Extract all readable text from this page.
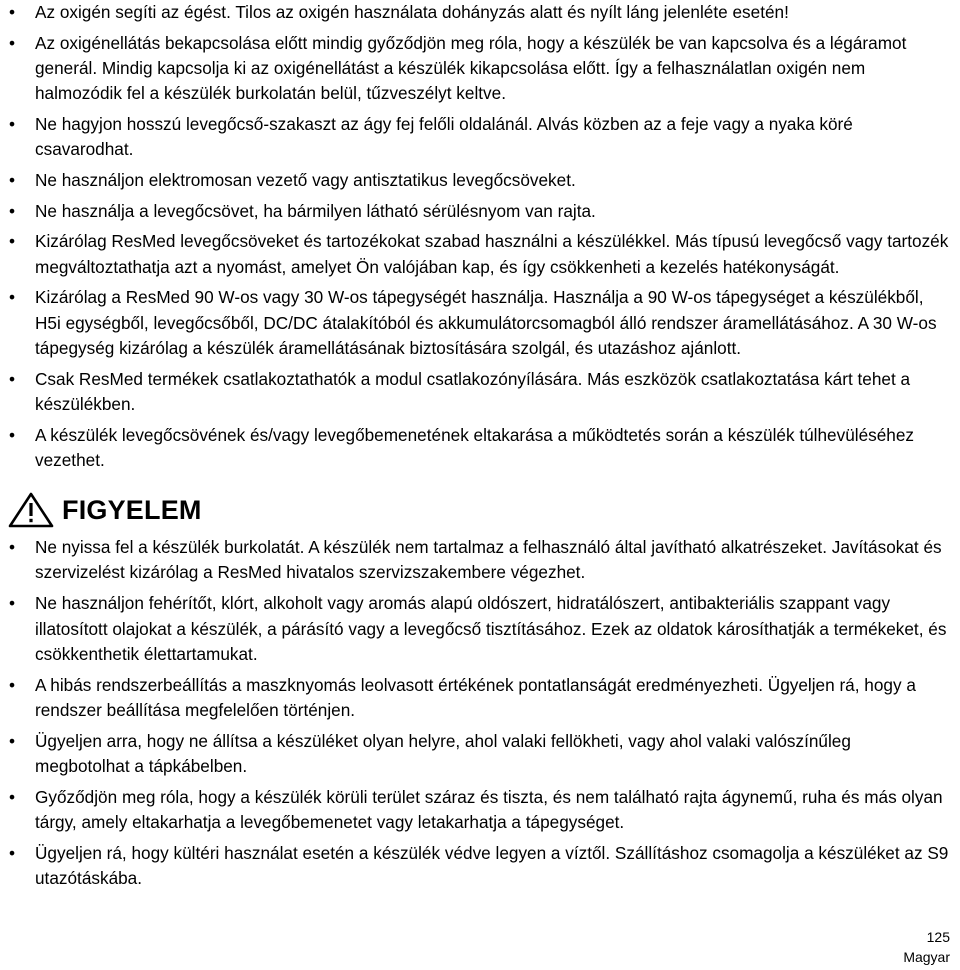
•	Az oxigén segíti az égést. Tilos az oxigén használata dohányzás alatt és nyílt láng jelenléte esetén!
•	Az oxigénellátás bekapcsolása előtt mindig győződjön meg róla, hogy a készülék be van kapcsolva és a légáramot generál. Mindig kapcsolja ki az oxigénellátást a készülék kikapcsolása előtt. Így a felhasználatlan oxigén nem halmozódik fel a készülék burkolatán belül, tűzveszélyt keltve.
•	Ne hagyjon hosszú levegőcső-szakaszt az ágy fej felőli oldalánál. Alvás közben az a feje vagy a nyaka köré csavarodhat.
•	Ne használjon elektromosan vezető vagy antisztatikus levegőcsöveket.
•	Ne használja a levegőcsövet, ha bármilyen látható sérülésnyom van rajta.
•	Kizárólag ResMed levegőcsöveket és tartozékokat szabad használni a készülékkel. Más típusú levegőcső vagy tartozék megváltoztathatja azt a nyomást, amelyet Ön valójában kap, és így csökkenheti a kezelés hatékonyságát.
•	Kizárólag a ResMed 90 W-os vagy 30 W-os tápegységét használja. Használja a 90 W-os tápegységet a készülékből, H5i egységből, levegőcsőből, DC/DC átalakítóból és akkumulátorcsomagból álló rendszer áramellátásához. A 30 W-os tápegység kizárólag a készülék áramellátásának biztosítására szolgál, és utazáshoz ajánlott.
•	Csak ResMed termékek csatlakoztathatók a modul csatlakozónyílására. Más eszközök csatlakoztatása kárt tehet a készülékben.
•	A készülék levegőcsövének és/vagy levegőbemenetének eltakarása a működtetés során a készülék túlhevüléséhez vezethet.
FIGYELEM
•	Ne nyissa fel a készülék burkolatát. A készülék nem tartalmaz a felhasználó által javítható alkatrészeket. Javításokat és szervizelést kizárólag a ResMed hivatalos szervizszakembere végezhet.
•	Ne használjon fehérítőt, klórt, alkoholt vagy aromás alapú oldószert, hidratálószert, antibakteriális szappant vagy illatosított olajokat a készülék, a párásító vagy a levegőcső tisztításához. Ezek az oldatok károsíthatják a termékeket, és csökkenthetik élettartamukat.
•	A hibás rendszerbeállítás a maszknyomás leolvasott értékének pontatlanságát eredményezheti. Ügyeljen rá, hogy a rendszer beállítása megfelelően történjen.
•	Ügyeljen arra, hogy ne állítsa a készüléket olyan helyre, ahol valaki fellökheti, vagy ahol valaki valószínűleg megbotolhat a tápkábelben.
•	Győződjön meg róla, hogy a készülék körüli terület száraz és tiszta, és nem található rajta ágynemű, ruha és más olyan tárgy, amely eltakarhatja a levegőbemenetet vagy letakarhatja a tápegységet.
•	Ügyeljen rá, hogy kültéri használat esetén a készülék védve legyen a víztől. Szállításhoz csomagolja a készüléket az S9 utazótáskába.
125
Magyar
